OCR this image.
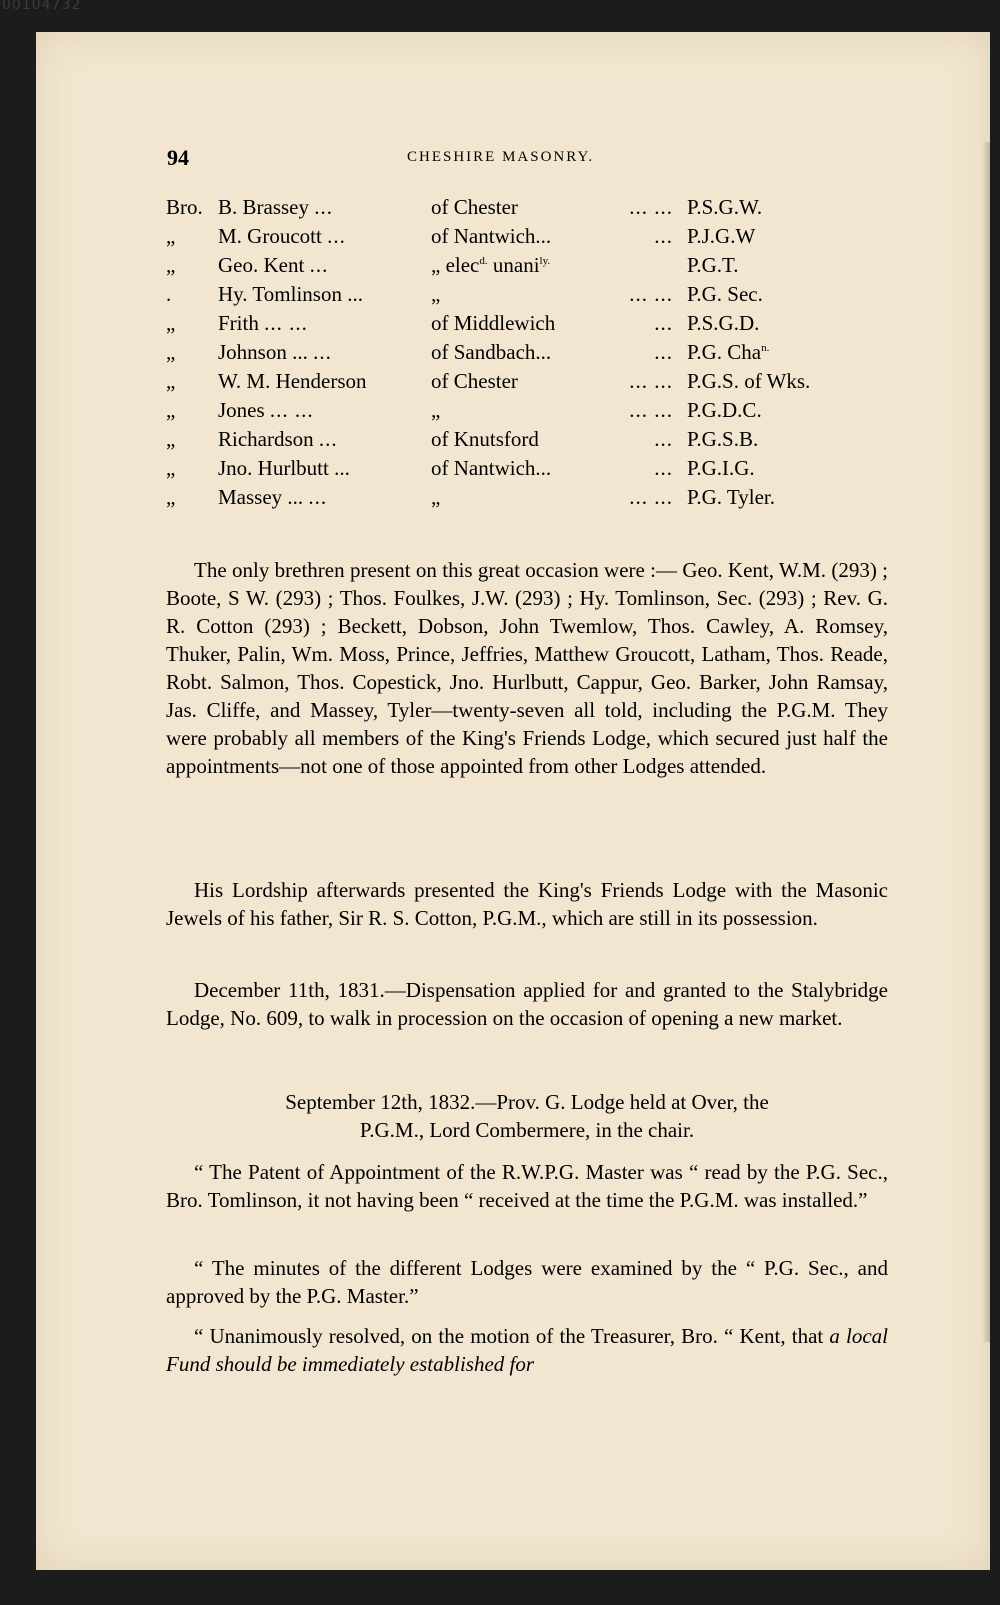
00104732
94	CHESHIRE MASONRY.
Bro.	B. Brassey ...	of Chester ... ...	P.S.G.W.
„	M. Groucott ...	of Nantwich... ...	P.J.G.W
„	Geo. Kent ...	„ elec$^{d.}$ unani$^{ly.}$	P.G.T.
.	Hy. Tomlinson ...	„ ... ...	P.G. Sec.
„	Frith ... ...	of Middlewich ...	P.S.G.D.
„	Johnson ... ...	of Sandbach... ...	P.G. Cha$^{n.}$
„	W. M. Henderson	of Chester ... ...	P.G.S. of Wks.
„	Jones ... ...	„ ... ...	P.G.D.C.
„	Richardson ...	of Knutsford ...	P.G.S.B.
„	Jno. Hurlbutt ...	of Nantwich... ...	P.G.I.G.
„	Massey ... ...	„ ... ...	P.G. Tyler.

The only brethren present on this great occasion were :— Geo. Kent, W.M. (293) ; Boote, S W. (293) ; Thos. Foulkes, J.W. (293) ; Hy. Tomlinson, Sec. (293) ; Rev. G. R. Cotton (293) ; Beckett, Dobson, John Twemlow, Thos. Cawley, A. Romsey, Thuker, Palin, Wm. Moss, Prince, Jeffries, Matthew Groucott, Latham, Thos. Reade, Robt. Salmon, Thos. Copestick, Jno. Hurlbutt, Cappur, Geo. Barker, John Ramsay, Jas. Cliffe, and Massey, Tyler—twenty-seven all told, including the P.G.M. They were probably all members of the King's Friends Lodge, which secured just half the appointments—not one of those appointed from other Lodges attended.

His Lordship afterwards presented the King's Friends Lodge with the Masonic Jewels of his father, Sir R. S. Cotton, P.G.M., which are still in its possession.

December 11th, 1831.—Dispensation applied for and granted to the Stalybridge Lodge, No. 609, to walk in procession on the occasion of opening a new market.

September 12th, 1832.—Prov. G. Lodge held at Over, the
P.G.M., Lord Combermere, in the chair.

“ The Patent of Appointment of the R.W.P.G. Master was “ read by the P.G. Sec., Bro. Tomlinson, it not having been “ received at the time the P.G.M. was installed.”

“ The minutes of the different Lodges were examined by the “ P.G. Sec., and approved by the P.G. Master.”

“ Unanimously resolved, on the motion of the Treasurer, Bro. “ Kent, that a local Fund should be immediately established for
